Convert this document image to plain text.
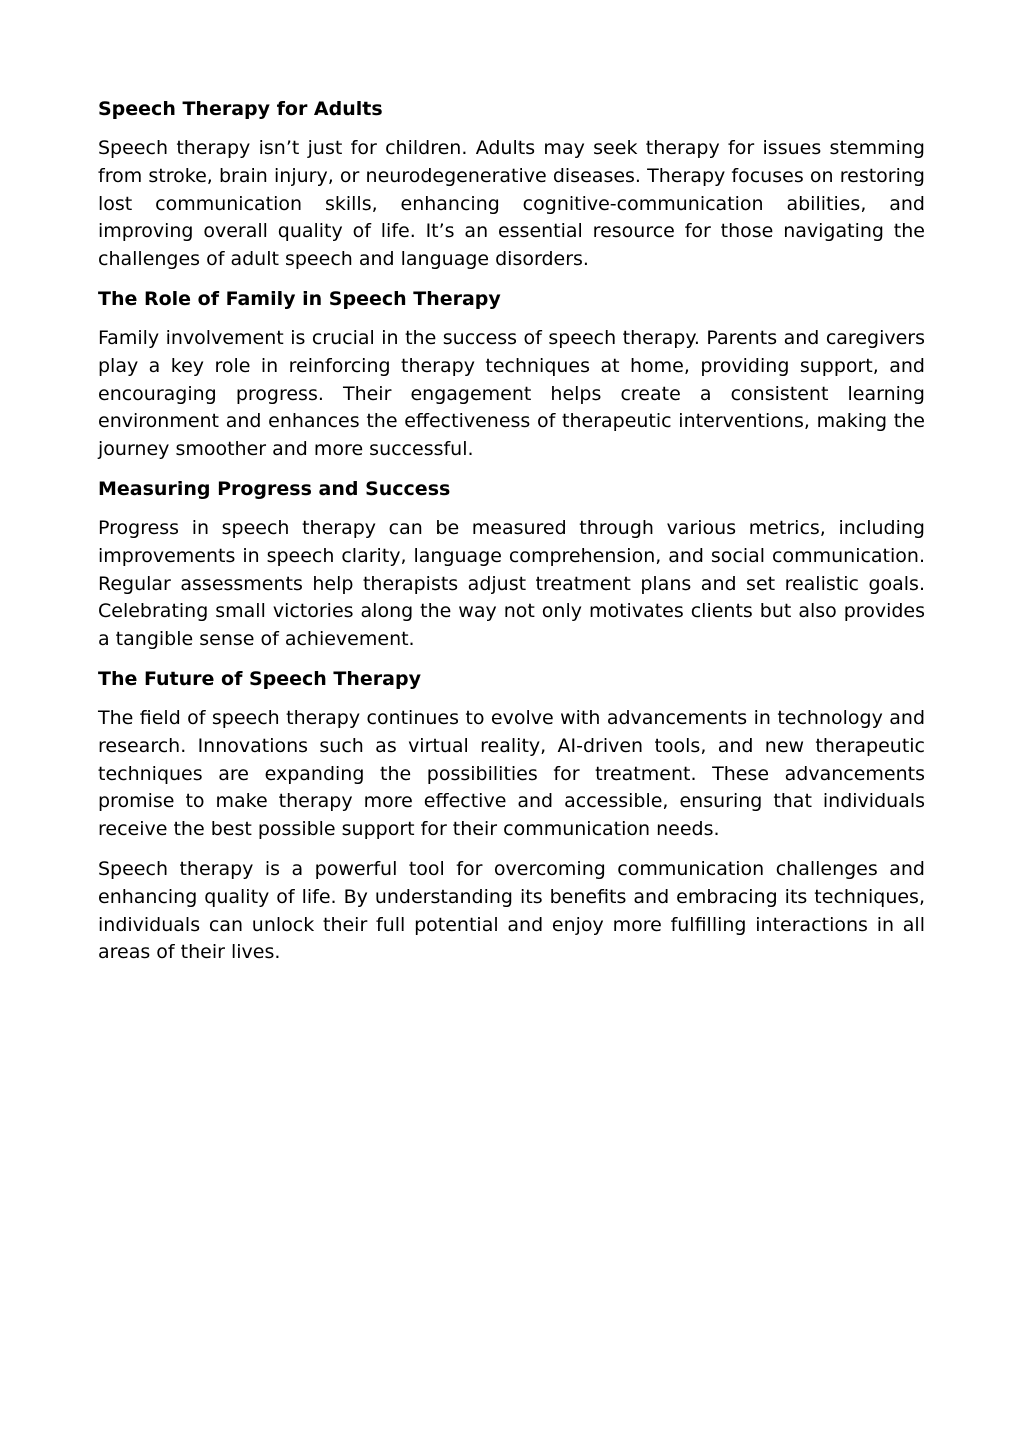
Speech Therapy for Adults

Speech therapy isn’t just for children. Adults may seek therapy for issues stemming from stroke, brain injury, or neurodegenerative diseases. Therapy focuses on restoring lost communication skills, enhancing cognitive-communication abilities, and improving overall quality of life. It’s an essential resource for those navigating the challenges of adult speech and language disorders.

The Role of Family in Speech Therapy

Family involvement is crucial in the success of speech therapy. Parents and caregivers play a key role in reinforcing therapy techniques at home, providing support, and encouraging progress. Their engagement helps create a consistent learning environment and enhances the effectiveness of therapeutic interventions, making the journey smoother and more successful.

Measuring Progress and Success

Progress in speech therapy can be measured through various metrics, including improvements in speech clarity, language comprehension, and social communication. Regular assessments help therapists adjust treatment plans and set realistic goals. Celebrating small victories along the way not only motivates clients but also provides a tangible sense of achievement.

The Future of Speech Therapy

The field of speech therapy continues to evolve with advancements in technology and research. Innovations such as virtual reality, AI-driven tools, and new therapeutic techniques are expanding the possibilities for treatment. These advancements promise to make therapy more effective and accessible, ensuring that individuals receive the best possible support for their communication needs.

Speech therapy is a powerful tool for overcoming communication challenges and enhancing quality of life. By understanding its benefits and embracing its techniques, individuals can unlock their full potential and enjoy more fulfilling interactions in all areas of their lives.
